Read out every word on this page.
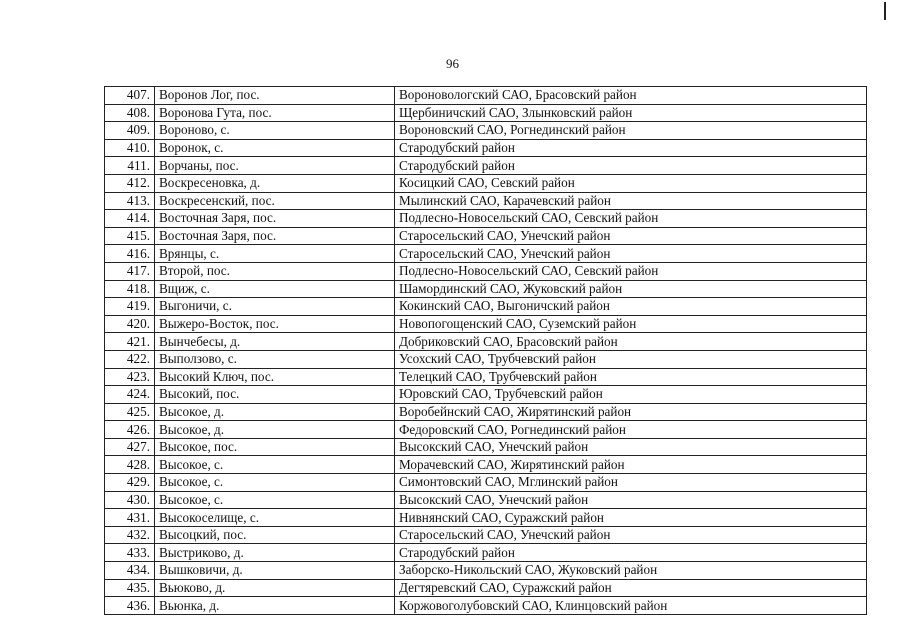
96
407.	Воронов Лог, пос.	Вороновологский САО, Брасовский район
408.	Воронова Гута, пос.	Щербиничский САО, Злынковский район
409.	Вороново, с.	Вороновский САО, Рогнединский район
410.	Воронок, с.	Стародубский район
411.	Ворчаны, пос.	Стародубский район
412.	Воскресеновка, д.	Косицкий САО, Севский район
413.	Воскресенский, пос.	Мылинский САО, Карачевский район
414.	Восточная Заря, пос.	Подлесно-Новосельский САО, Севский район
415.	Восточная Заря, пос.	Старосельский САО, Унечский район
416.	Врянцы, с.	Старосельский САО, Унечский район
417.	Второй, пос.	Подлесно-Новосельский САО, Севский район
418.	Вщиж, с.	Шамординский САО, Жуковский район
419.	Выгоничи, с.	Кокинский САО, Выгоничский район
420.	Выжеро-Восток, пос.	Новопогощенский САО, Суземский район
421.	Вынчебесы, д.	Добриковский САО, Брасовский район
422.	Выползово, с.	Усохский САО, Трубчевский район
423.	Высокий Ключ, пос.	Телецкий САО, Трубчевский район
424.	Высокий, пос.	Юровский САО, Трубчевский район
425.	Высокое, д.	Воробейнский САО, Жирятинский район
426.	Высокое, д.	Федоровский САО, Рогнединский район
427.	Высокое, пос.	Высокский САО, Унечский район
428.	Высокое, с.	Морачевский САО, Жирятинский район
429.	Высокое, с.	Симонтовский САО, Мглинский район
430.	Высокое, с.	Высокский САО, Унечский район
431.	Высокоселище, с.	Нивнянский САО, Суражский район
432.	Высоцкий, пос.	Старосельский САО, Унечский район
433.	Выстриково, д.	Стародубский район
434.	Вышковичи, д.	Заборско-Никольский САО, Жуковский район
435.	Вьюково, д.	Дегтяревский САО, Суражский район
436.	Вьюнка, д.	Коржовоголубовский САО, Клинцовский район
